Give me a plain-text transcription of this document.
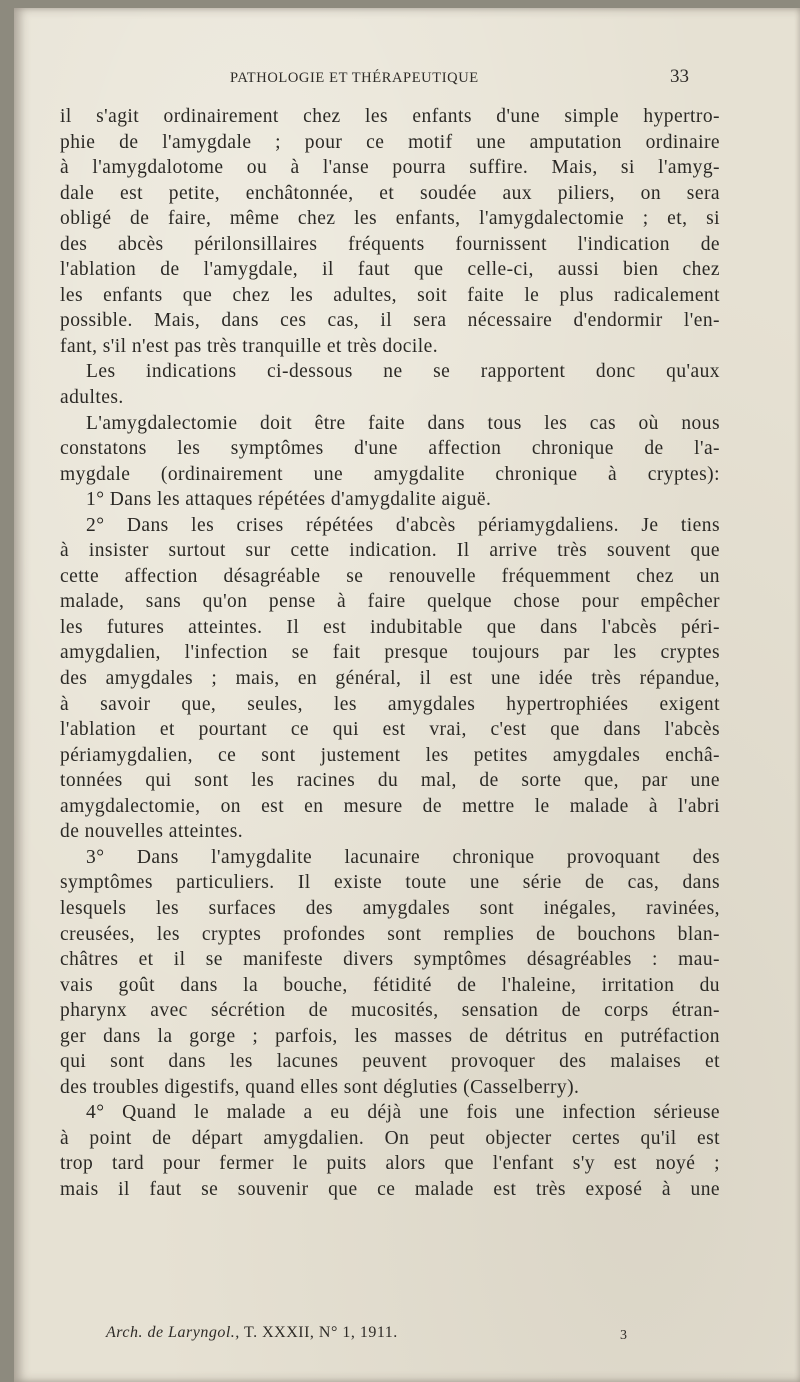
PATHOLOGIE ET THÉRAPEUTIQUE	33
il s'agit ordinairement chez les enfants d'une simple hypertro-
phie de l'amygdale ; pour ce motif une amputation ordinaire
à l'amygdalotome ou à l'anse pourra suffire. Mais, si l'amyg-
dale est petite, enchâtonnée, et soudée aux piliers, on sera
obligé de faire, même chez les enfants, l'amygdalectomie ; et, si
des abcès périlonsillaires fréquents fournissent l'indication de
l'ablation de l'amygdale, il faut que celle-ci, aussi bien chez
les enfants que chez les adultes, soit faite le plus radicalement
possible. Mais, dans ces cas, il sera nécessaire d'endormir l'en-
fant, s'il n'est pas très tranquille et très docile.
Les indications ci-dessous ne se rapportent donc qu'aux
adultes.
L'amygdalectomie doit être faite dans tous les cas où nous
constatons les symptômes d'une affection chronique de l'a-
mygdale (ordinairement une amygdalite chronique à cryptes):
1° Dans les attaques répétées d'amygdalite aiguë.
2° Dans les crises répétées d'abcès périamygdaliens. Je tiens
à insister surtout sur cette indication. Il arrive très souvent que
cette affection désagréable se renouvelle fréquemment chez un
malade, sans qu'on pense à faire quelque chose pour empêcher
les futures atteintes. Il est indubitable que dans l'abcès péri-
amygdalien, l'infection se fait presque toujours par les cryptes
des amygdales ; mais, en général, il est une idée très répandue,
à savoir que, seules, les amygdales hypertrophiées exigent
l'ablation et pourtant ce qui est vrai, c'est que dans l'abcès
périamygdalien, ce sont justement les petites amygdales enchâ-
tonnées qui sont les racines du mal, de sorte que, par une
amygdalectomie, on est en mesure de mettre le malade à l'abri
de nouvelles atteintes.
3° Dans l'amygdalite lacunaire chronique provoquant des
symptômes particuliers. Il existe toute une série de cas, dans
lesquels les surfaces des amygdales sont inégales, ravinées,
creusées, les cryptes profondes sont remplies de bouchons blan-
châtres et il se manifeste divers symptômes désagréables : mau-
vais goût dans la bouche, fétidité de l'haleine, irritation du
pharynx avec sécrétion de mucosités, sensation de corps étran-
ger dans la gorge ; parfois, les masses de détritus en putréfaction
qui sont dans les lacunes peuvent provoquer des malaises et
des troubles digestifs, quand elles sont dégluties (Casselberry).
4° Quand le malade a eu déjà une fois une infection sérieuse
à point de départ amygdalien. On peut objecter certes qu'il est
trop tard pour fermer le puits alors que l'enfant s'y est noyé ;
mais il faut se souvenir que ce malade est très exposé à une
Arch. de Laryngol., T. XXXII, N° 1, 1911.	3
